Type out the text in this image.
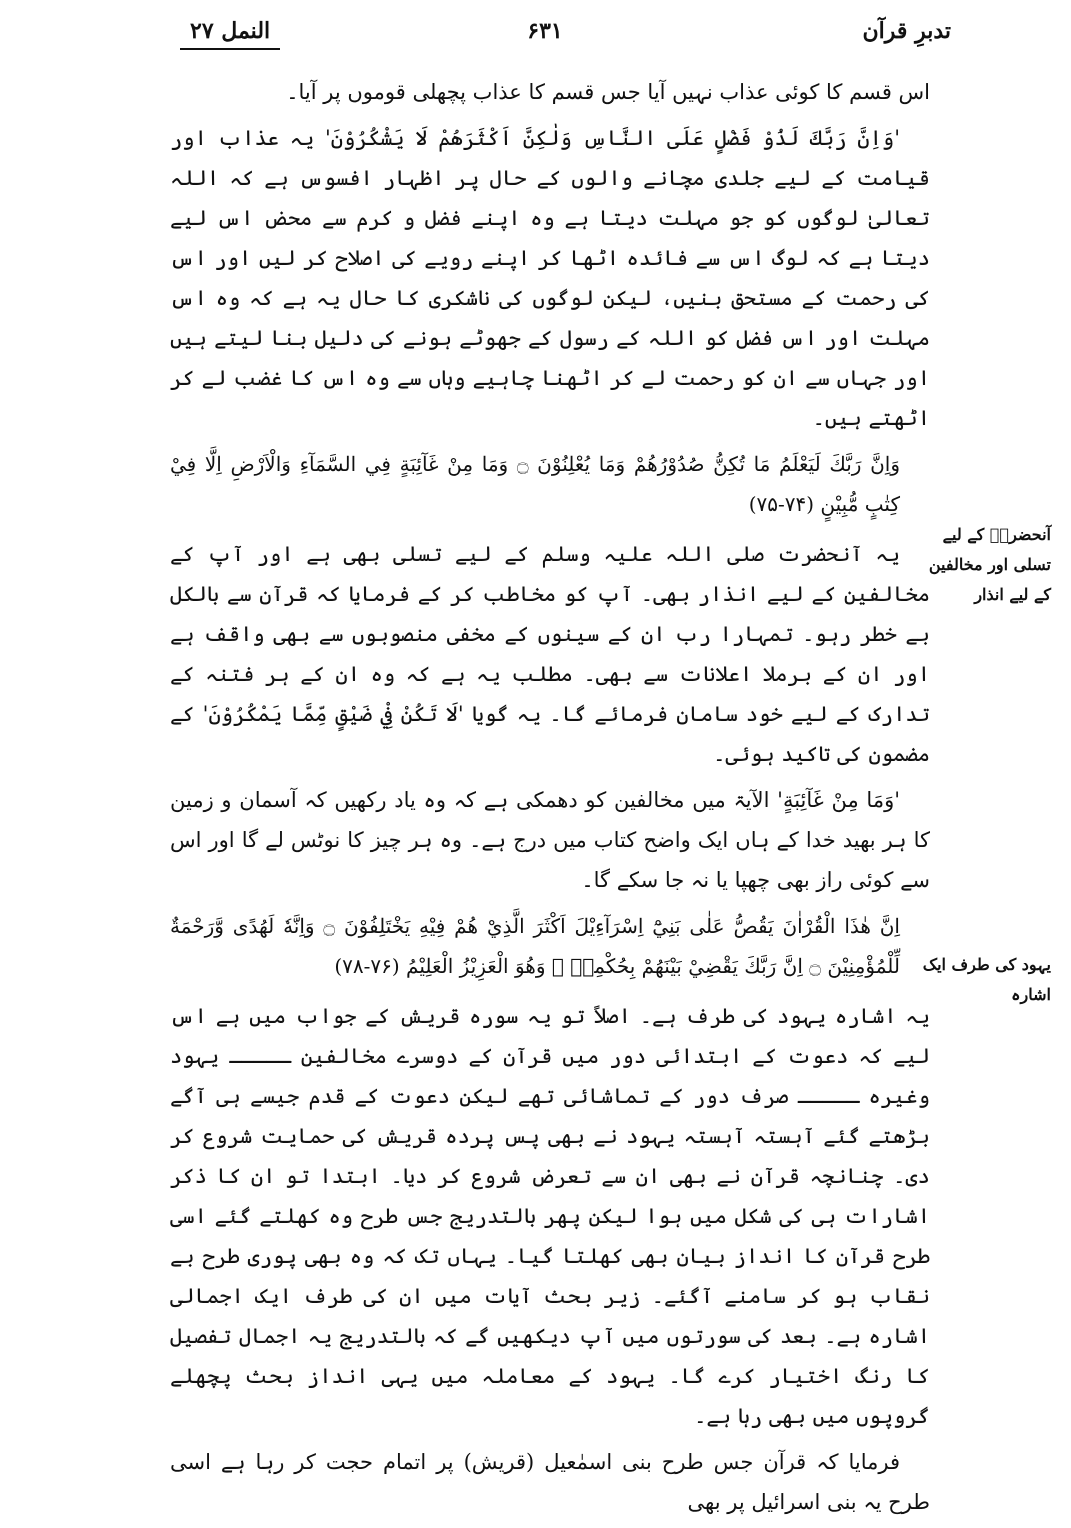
تدبرِ قرآن
۶۳۱
النمل ۲۷
آنحضرتؐ کے لیے تسلی اور مخالفین کے لیے انذار
یہود کی طرف ایک اشارہ

اس قسم کا کوئی عذاب نہیں آیا جس قسم کا عذاب پچھلی قوموں پر آیا۔

'وَاِنَّ رَبَّكَ لَذُوْ فَضْلٍ عَلَى النَّاسِ وَلٰكِنَّ اَكْثَرَهُمْ لَا يَشْكُرُوْنَ' یہ عذاب اور قیامت کے لیے جلدی مچانے والوں کے حال پر اظہار افسوس ہے کہ اللہ تعالیٰ لوگوں کو جو مہلت دیتا ہے وہ اپنے فضل و کرم سے محض اس لیے دیتا ہے کہ لوگ اس سے فائدہ اٹھا کر اپنے رویے کی اصلاح کر لیں اور اس کی رحمت کے مستحق بنیں، لیکن لوگوں کی ناشکری کا حال یہ ہے کہ وہ اس مہلت اور اس فضل کو اللہ کے رسول کے جھوٹے ہونے کی دلیل بنا لیتے ہیں اور جہاں سے ان کو رحمت لے کر اٹھنا چاہیے وہاں سے وہ اس کا غضب لے کر اٹھتے ہیں۔

وَاِنَّ رَبَّكَ لَيَعْلَمُ مَا تُكِنُّ صُدُوْرُهُمْ وَمَا يُعْلِنُوْنَ ۝ وَمَا مِنْ غَآئِبَةٍ فِي السَّمَآءِ وَالْاَرْضِ اِلَّا فِيْ كِتٰبٍ مُّبِيْنٍ (۷۴-۷۵)

یہ آنحضرت صلی اللہ علیہ وسلم کے لیے تسلی بھی ہے اور آپ کے مخالفین کے لیے انذار بھی۔ آپ کو مخاطب کر کے فرمایا کہ قرآن سے بالکل بے خطر رہو۔ تمہارا رب ان کے سینوں کے مخفی منصوبوں سے بھی واقف ہے اور ان کے برملا اعلانات سے بھی۔ مطلب یہ ہے کہ وہ ان کے ہر فتنہ کے تدارک کے لیے خود سامان فرمائے گا۔ یہ گویا 'لَا تَكُنْ فِيْ ضَيْقٍ مِّمَّا يَمْكُرُوْنَ' کے مضمون کی تاکید ہوئی۔

'وَمَا مِنْ غَآئِبَةٍ' الآیۃ میں مخالفین کو دھمکی ہے کہ وہ یاد رکھیں کہ آسمان و زمین کا ہر بھید خدا کے ہاں ایک واضح کتاب میں درج ہے۔ وہ ہر چیز کا نوٹس لے گا اور اس سے کوئی راز بھی چھپا یا نہ جا سکے گا۔

اِنَّ هٰذَا الْقُرْاٰنَ يَقُصُّ عَلٰى بَنِيْٓ اِسْرَآءِيْلَ اَكْثَرَ الَّذِيْ هُمْ فِيْهِ يَخْتَلِفُوْنَ ۝ وَاِنَّهٗ لَهُدًى وَّرَحْمَةٌ لِّلْمُؤْمِنِيْنَ ۝ اِنَّ رَبَّكَ يَقْضِيْ بَيْنَهُمْ بِحُكْمِهٖ ۚ وَهُوَ الْعَزِيْزُ الْعَلِيْمُ (۷۶-۷۸)

یہ اشارہ یہود کی طرف ہے۔ اصلاً تو یہ سورہ قریش کے جواب میں ہے اس لیے کہ دعوت کے ابتدائی دور میں قرآن کے دوسرے مخالفین ـــــ یہود وغیرہ ـــــ صرف دور کے تماشائی تھے لیکن دعوت کے قدم جیسے ہی آگے بڑھتے گئے آہستہ آہستہ یہود نے بھی پس پردہ قریش کی حمایت شروع کر دی۔ چنانچہ قرآن نے بھی ان سے تعرض شروع کر دیا۔ ابتدا تو ان کا ذکر اشارات ہی کی شکل میں ہوا لیکن پھر بالتدریج جس طرح وہ کھلتے گئے اسی طرح قرآن کا انداز بیان بھی کھلتا گیا۔ یہاں تک کہ وہ بھی پوری طرح بے نقاب ہو کر سامنے آگئے۔ زیر بحث آیات میں ان کی طرف ایک اجمالی اشارہ ہے۔ بعد کی سورتوں میں آپ دیکھیں گے کہ بالتدریج یہ اجمال تفصیل کا رنگ اختیار کرے گا۔ یہود کے معاملہ میں یہی انداز بحث پچھلے گروپوں میں بھی رہا ہے۔

فرمایا کہ قرآن جس طرح بنی اسمٰعیل (قریش) پر اتمام حجت کر رہا ہے اسی طرح یہ بنی اسرائیل پر بھی
